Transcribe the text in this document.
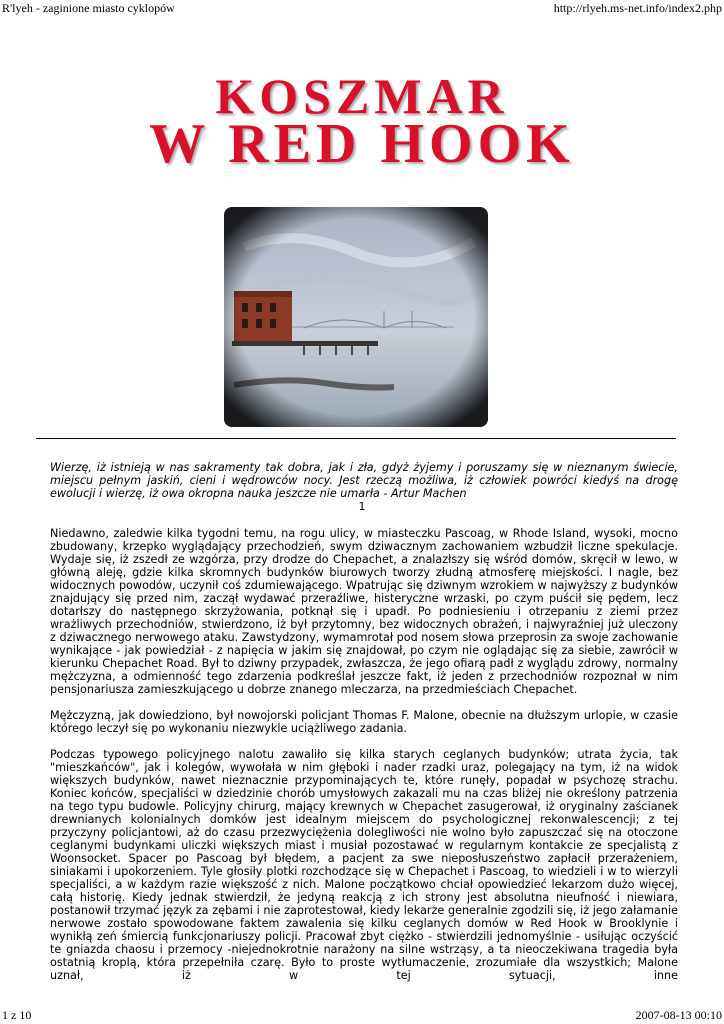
R'lyeh - zaginione miasto cyklopów	http://rlyeh.ms-net.info/index2.php
KOSZMAR
W RED HOOK
Wierzę, iż istnieją w nas sakramenty tak dobra, jak i zła, gdyż żyjemy i poruszamy się w nieznanym świecie, miejscu pełnym jaskiń, cieni i wędrowców nocy. Jest rzeczą możliwa, iż człowiek powróci kiedyś na drogę ewolucji i wierzę, iż owa okropna nauka jeszcze nie umarła - Artur Machen
1

Niedawno, zaledwie kilka tygodni temu, na rogu ulicy, w miasteczku Pascoag, w Rhode Island, wysoki, mocno zbudowany, krzepko wyglądający przechodzień, swym dziwacznym zachowaniem wzbudził liczne spekulacje. Wydaje się, iż zszedł ze wzgórza, przy drodze do Chepachet, a znalazłszy się wśród domów, skręcił w lewo, w główną aleję, gdzie kilka skromnych budynków biurowych tworzy złudną atmosferę miejskości. I nagle, bez widocznych powodów, uczynił coś zdumiewającego. Wpatrując się dziwnym wzrokiem w najwyższy z budynków znajdujący się przed nim, zaczął wydawać przeraźliwe, histeryczne wrzaski, po czym puścił się pędem, lecz dotarłszy do następnego skrzyżowania, potknął się i upadł. Po podniesieniu i otrzepaniu z ziemi przez wrażliwych przechodniów, stwierdzono, iż był przytomny, bez widocznych obrażeń, i najwyraźniej już uleczony z dziwacznego nerwowego ataku. Zawstydzony, wymamrotał pod nosem słowa przeprosin za swoje zachowanie wynikające - jak powiedział - z napięcia w jakim się znajdował, po czym nie oglądając się za siebie, zawrócił w kierunku Chepachet Road. Był to dziwny przypadek, zwłaszcza, że jego ofiarą padł z wyglądu zdrowy, normalny mężczyzna, a odmienność tego zdarzenia podkreślał jeszcze fakt, iż jeden z przechodniów rozpoznał w nim pensjonariusza zamieszkującego u dobrze znanego mleczarza, na przedmieściach Chepachet.

Mężczyzną, jak dowiedziono, był nowojorski policjant Thomas F. Malone, obecnie na dłuższym urlopie, w czasie którego leczył się po wykonaniu niezwykle uciążliwego zadania.

Podczas typowego policyjnego nalotu zawaliło się kilka starych ceglanych budynków; utrata życia, tak "mieszkańców", jak i kolegów, wywołała w nim głęboki i nader rzadki uraz, polegający na tym, iż na widok większych budynków, nawet nieznacznie przypominających te, które runęły, popadał w psychozę strachu. Koniec końców, specjaliści w dziedzinie chorób umysłowych zakazali mu na czas bliżej nie określony patrzenia na tego typu budowle. Policyjny chirurg, mający krewnych w Chepachet zasugerował, iż oryginalny zaścianek drewnianych kolonialnych domków jest idealnym miejscem do psychologicznej rekonwalescencji; z tej przyczyny policjantowi, aż do czasu przezwyciężenia dolegliwości nie wolno było zapuszczać się na otoczone ceglanymi budynkami uliczki większych miast i musiał pozostawać w regularnym kontakcie ze specjalistą z Woonsocket. Spacer po Pascoag był błędem, a pacjent za swe nieposłuszeństwo zapłacił przerażeniem, siniakami i upokorzeniem. Tyle głosiły plotki rozchodzące się w Chepachet i Pascoag, to wiedzieli i w to wierzyli specjaliści, a w każdym razie większość z nich. Malone początkowo chciał opowiedzieć lekarzom dużo więcej, całą historię. Kiedy jednak stwierdził, że jedyną reakcją z ich strony jest absolutna nieufność i niewiara, postanowił trzymać język za zębami i nie zaprotestował, kiedy lekarze generalnie zgodzili się, iż jego załamanie nerwowe zostało spowodowane faktem zawalenia się kilku ceglanych domów w Red Hook w Brooklynie i wynikłą zeń śmiercią funkcjonariuszy policji. Pracował zbyt ciężko - stwierdzili jednomyślnie - usiłując oczyścić te gniazda chaosu i przemocy -niejednokrotnie narażony na silne wstrząsy, a ta nieoczekiwana tragedia była ostatnią kroplą, która przepełniła czarę. Było to proste wytłumaczenie, zrozumiałe dla wszystkich; Malone uznał, iż w tej sytuacji, inne

1 z 10	2007-08-13 00:10
